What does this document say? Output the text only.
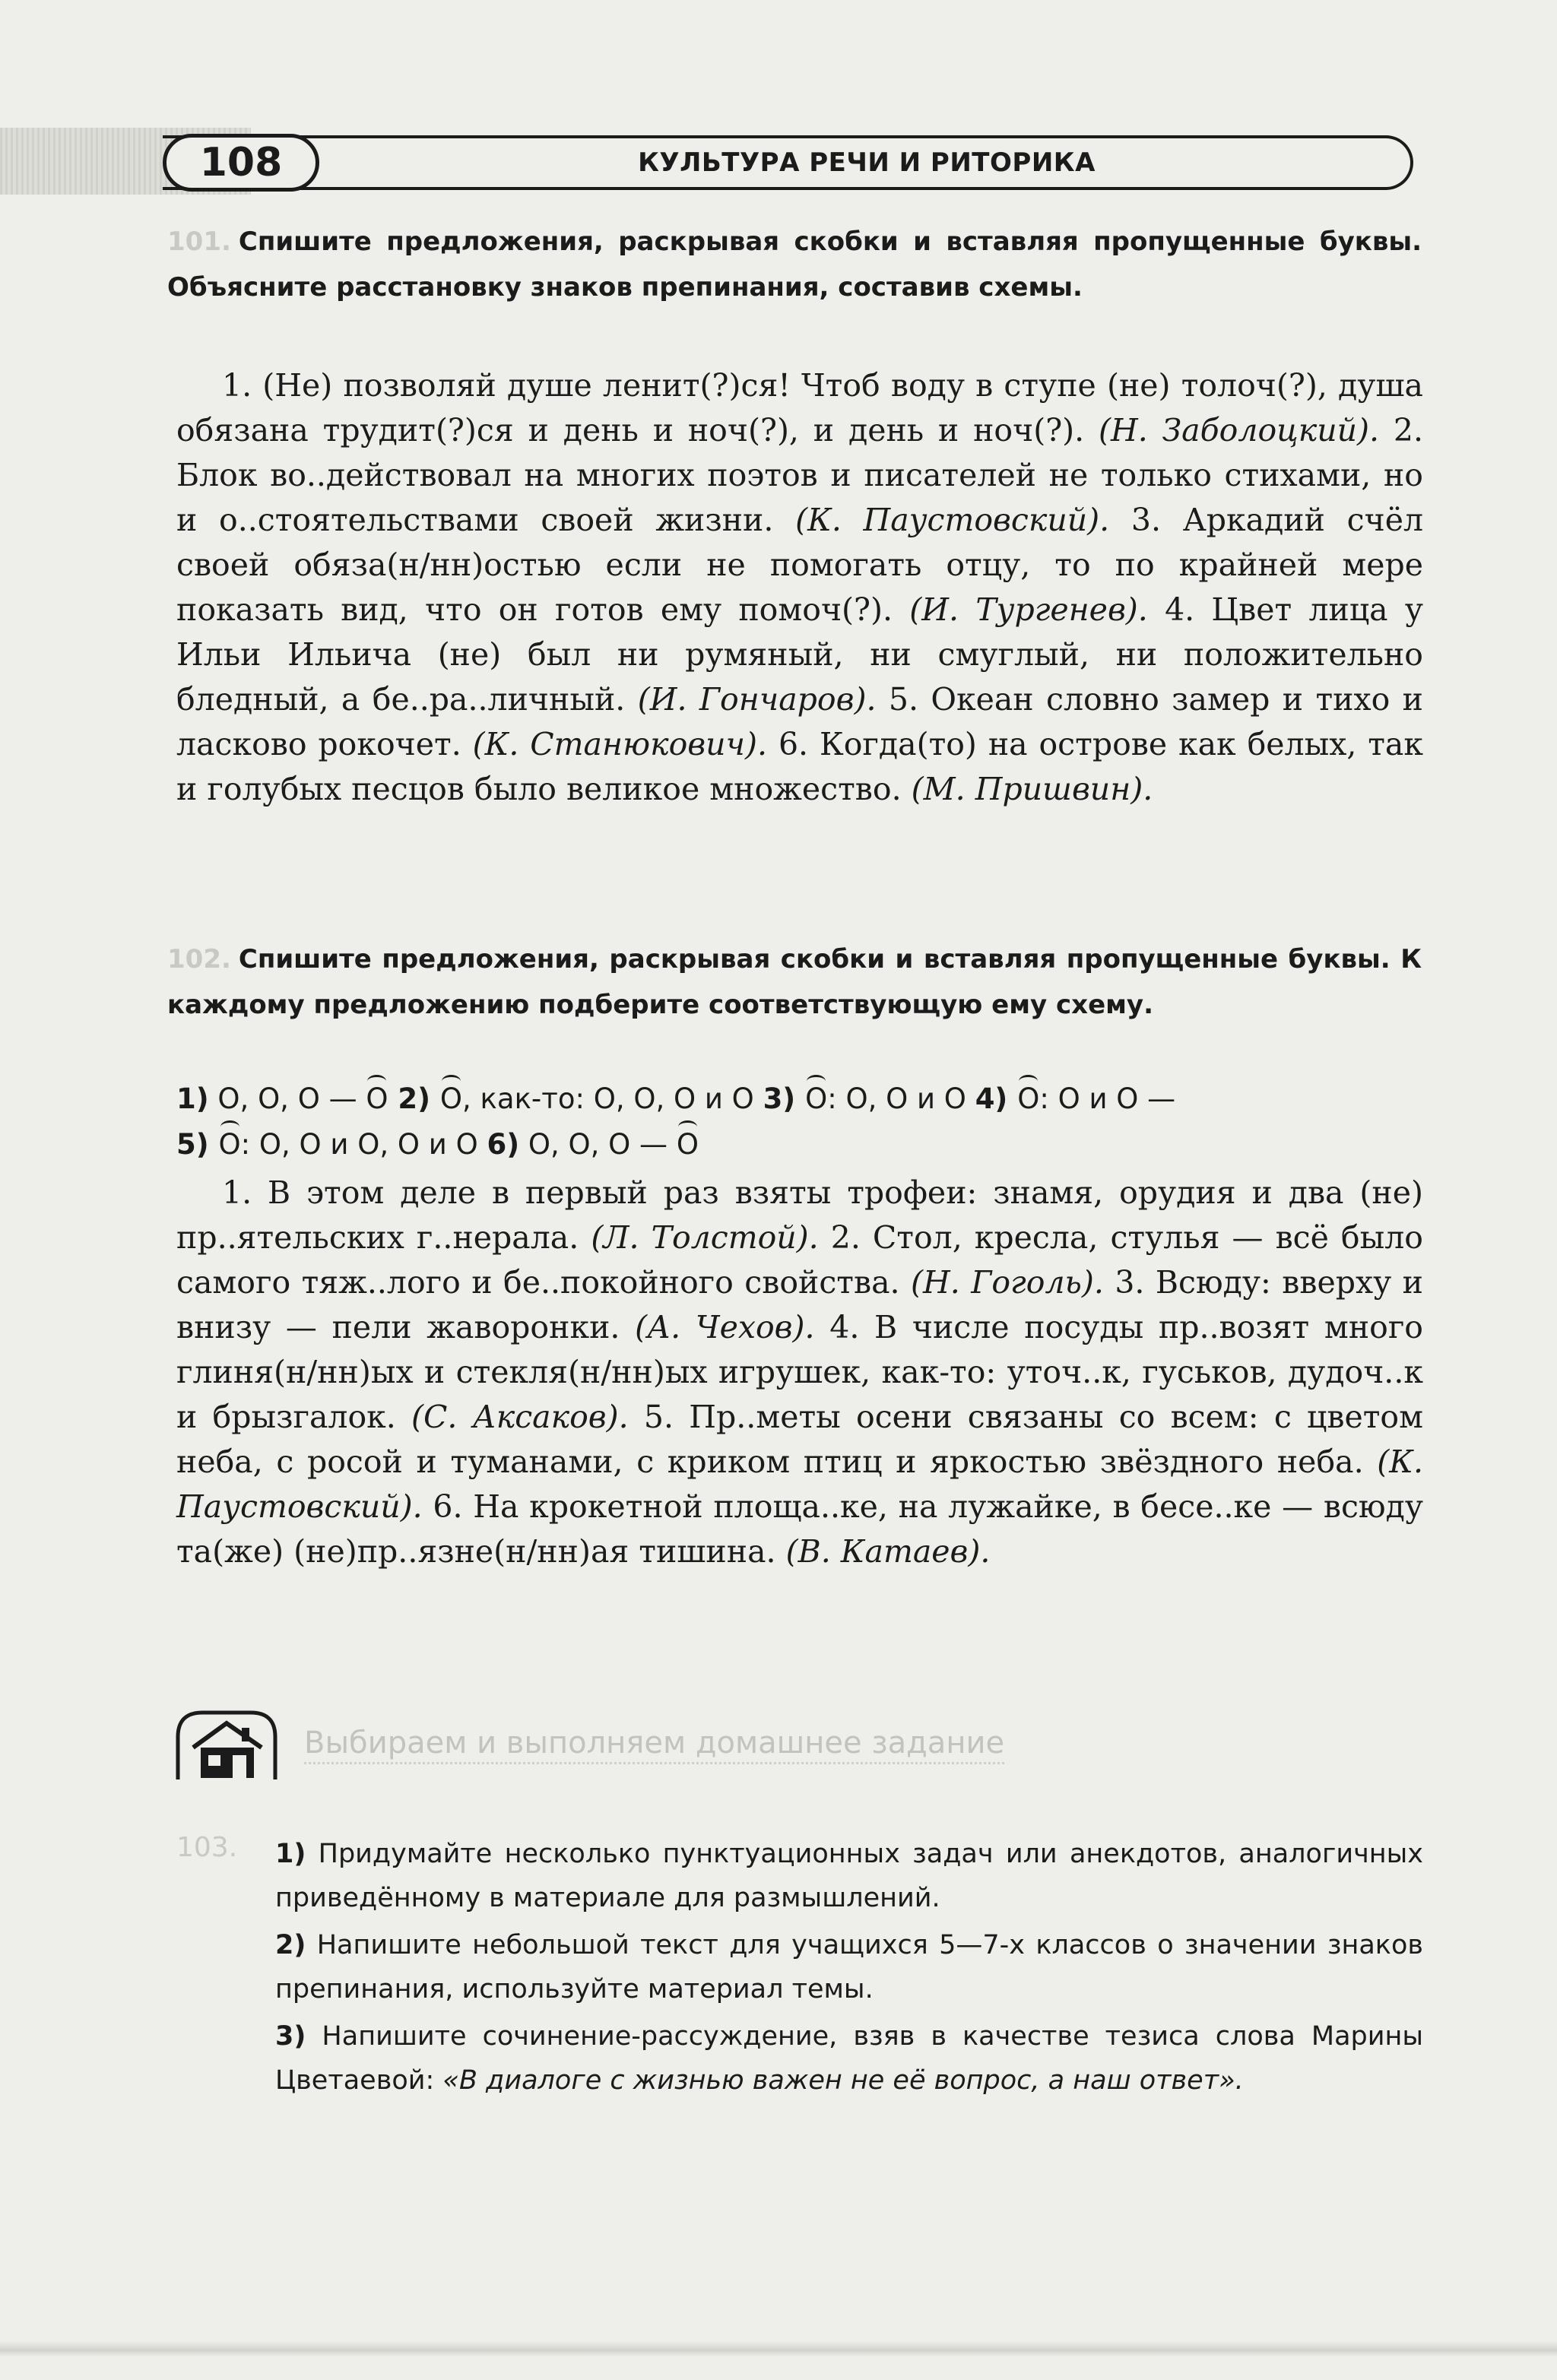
108	КУЛЬТУРА РЕЧИ И РИТОРИКА
101. Спишите предложения, раскрывая скобки и вставляя пропущенные буквы. Объясните расстановку знаков препинания, составив схемы.
1. (Не) позволяй душе ленит(?)ся! Чтоб воду в ступе (не) толоч(?), душа обязана трудит(?)ся и день и ноч(?), и день и ноч(?). (Н. Заболоцкий). 2. Блок во..действовал на многих поэтов и писателей не только стихами, но и о..стоятельствами своей жизни. (К. Паустовский). 3. Аркадий счёл своей обяза(н/нн)остью если не помогать отцу, то по крайней мере показать вид, что он готов ему помоч(?). (И. Тургенев). 4. Цвет лица у Ильи Ильича (не) был ни румяный, ни смуглый, ни положительно бледный, а бе..ра..личный. (И. Гончаров). 5. Океан словно замер и тихо и ласково рокочет. (К. Станюкович). 6. Когда(то) на острове как белых, так и голубых песцов было великое множество. (М. Пришвин).
102. Спишите предложения, раскрывая скобки и вставляя пропущенные буквы. К каждому предложению подберите соответствующую ему схему.
1) О, О, О — О 2) О, как-то: О, О, О и О 3) О: О, О и О 4) О: О и О —
5) О: О, О и О, О и О 6) О, О, О — О
1. В этом деле в первый раз взяты трофеи: знамя, орудия и два (не) пр..ятельских г..нерала. (Л. Толстой). 2. Стол, кресла, стулья — всё было самого тяж..лого и бе..покойного свойства. (Н. Гоголь). 3. Всюду: вверху и внизу — пели жаворонки. (А. Чехов). 4. В числе посуды пр..возят много глиня(н/нн)ых и стекля(н/нн)ых игрушек, как-то: уточ..к, гуськов, дудоч..к и брызгалок. (С. Аксаков). 5. Пр..меты осени связаны со всем: с цветом неба, с росой и туманами, с криком птиц и яркостью звёздного неба. (К. Паустовский). 6. На крокетной площа..ке, на лужайке, в бесе..ке — всюду та(же) (не)пр..язне(н/нн)ая тишина. (В. Катаев).
Выбираем и выполняем домашнее задание
103. 1) Придумайте несколько пунктуационных задач или анекдотов, аналогичных приведённому в материале для размышлений.
2) Напишите небольшой текст для учащихся 5—7-х классов о значении знаков препинания, используйте материал темы.
3) Напишите сочинение-рассуждение, взяв в качестве тезиса слова Марины Цветаевой: «В диалоге с жизнью важен не её вопрос, а наш ответ».
